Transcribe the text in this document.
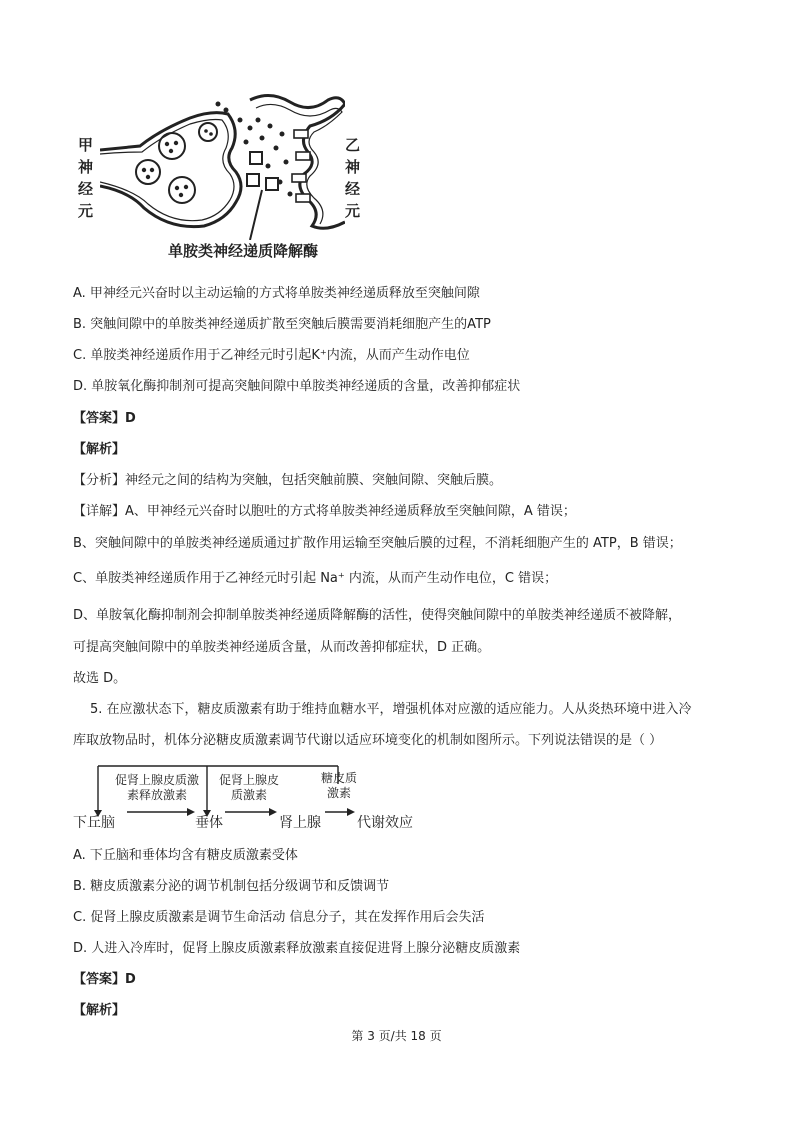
甲
神
经
元
乙
神
经
元
单胺类神经递质降解酶
A. 甲神经元兴奋时以主动运输的方式将单胺类神经递质释放至突触间隙
B. 突触间隙中的单胺类神经递质扩散至突触后膜需要消耗细胞产生的ATP
C. 单胺类神经递质作用于乙神经元时引起K⁺内流，从而产生动作电位
D. 单胺氧化酶抑制剂可提高突触间隙中单胺类神经递质的含量，改善抑郁症状
【答案】D
【解析】
【分析】神经元之间的结构为突触，包括突触前膜、突触间隙、突触后膜。
【详解】A、甲神经元兴奋时以胞吐的方式将单胺类神经递质释放至突触间隙，A 错误；
B、突触间隙中的单胺类神经递质通过扩散作用运输至突触后膜的过程，不消耗细胞产生的 ATP，B 错误；
C、单胺类神经递质作用于乙神经元时引起 Na⁺ 内流，从而产生动作电位，C 错误；
D、单胺氧化酶抑制剂会抑制单胺类神经递质降解酶的活性，使得突触间隙中的单胺类神经递质不被降解，
可提高突触间隙中的单胺类神经递质含量，从而改善抑郁症状，D 正确。
故选 D。
5. 在应激状态下，糖皮质激素有助于维持血糖水平，增强机体对应激的适应能力。人从炎热环境中进入冷
库取放物品时，机体分泌糖皮质激素调节代谢以适应环境变化的机制如图所示。下列说法错误的是（ ）
促肾上腺皮质激
素释放激素
促肾上腺皮
质激素
糖皮质
激素
下丘脑	垂体	肾上腺	代谢效应
A. 下丘脑和垂体均含有糖皮质激素受体
B. 糖皮质激素分泌的调节机制包括分级调节和反馈调节
C. 促肾上腺皮质激素是调节生命活动 信息分子，其在发挥作用后会失活
D. 人进入冷库时，促肾上腺皮质激素释放激素直接促进肾上腺分泌糖皮质激素
【答案】D
【解析】
第 3 页/共 18 页
